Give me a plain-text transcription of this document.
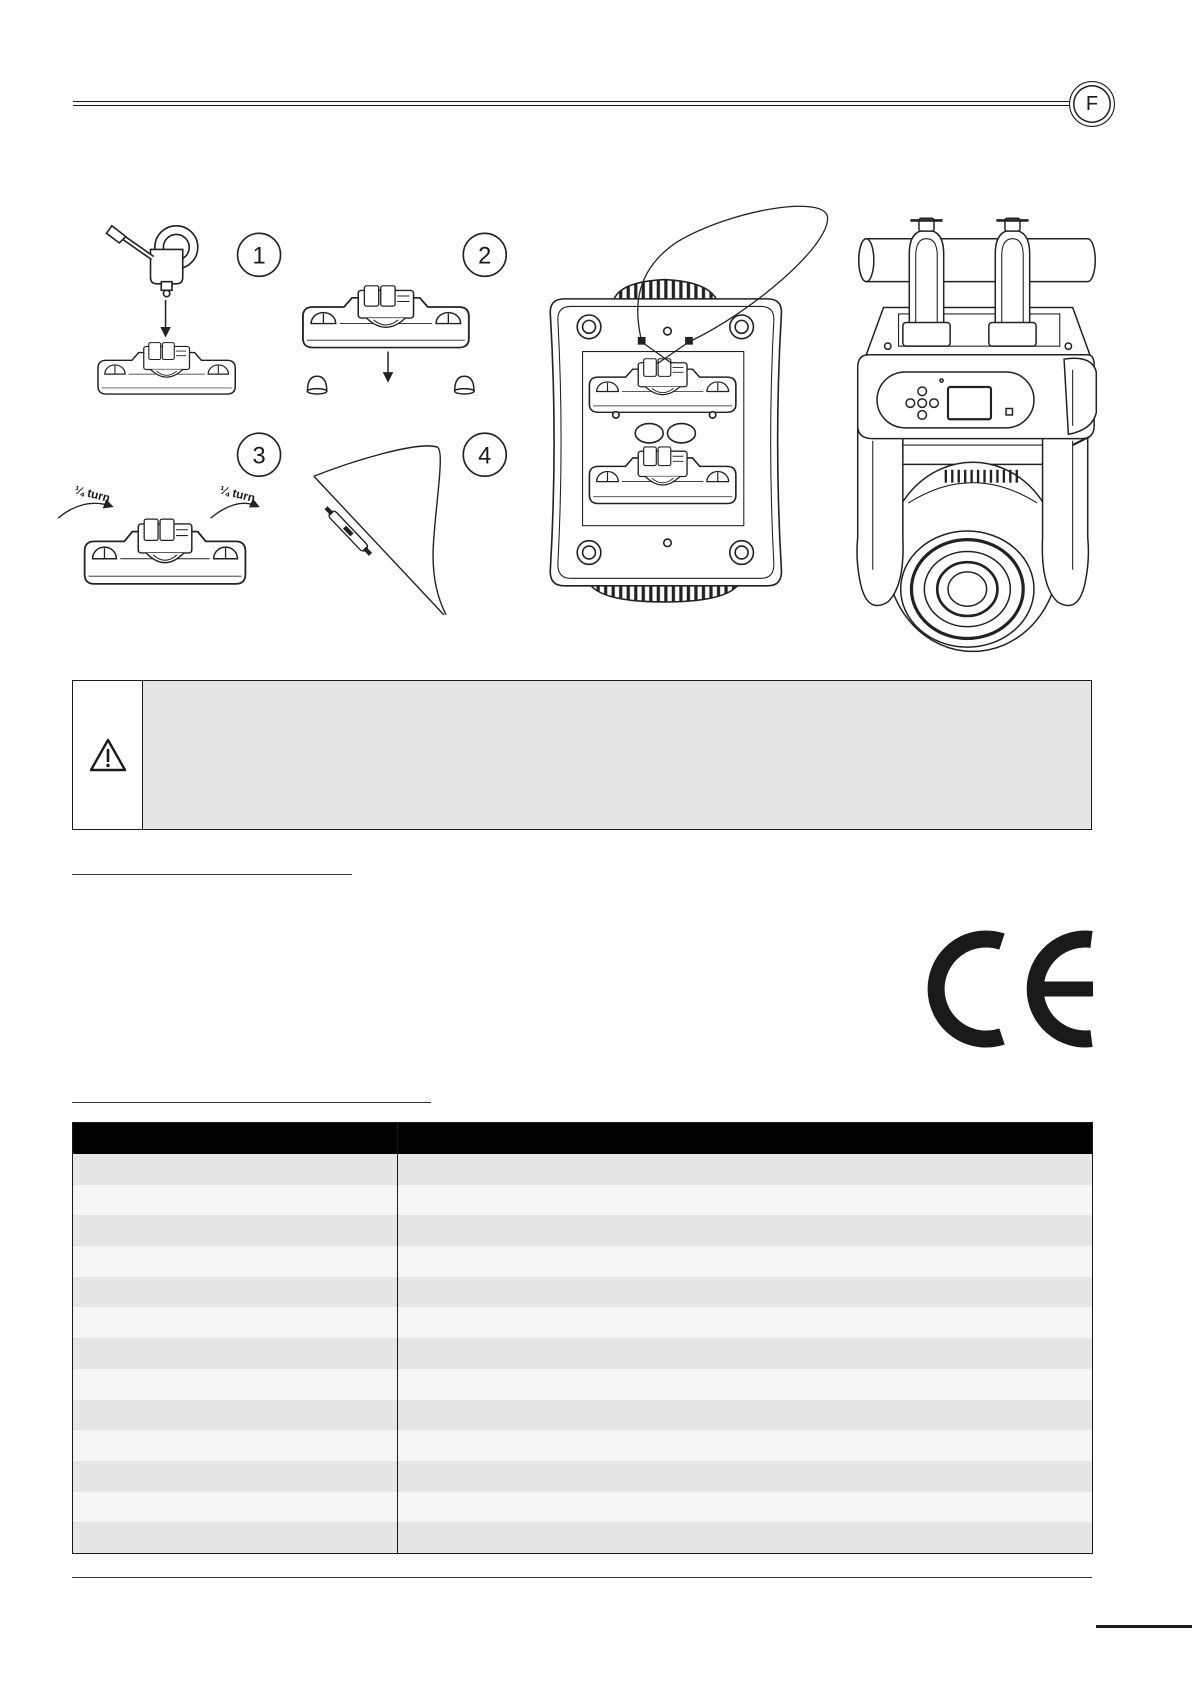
F
1	2
3
¼ turn	¼ turn
4
